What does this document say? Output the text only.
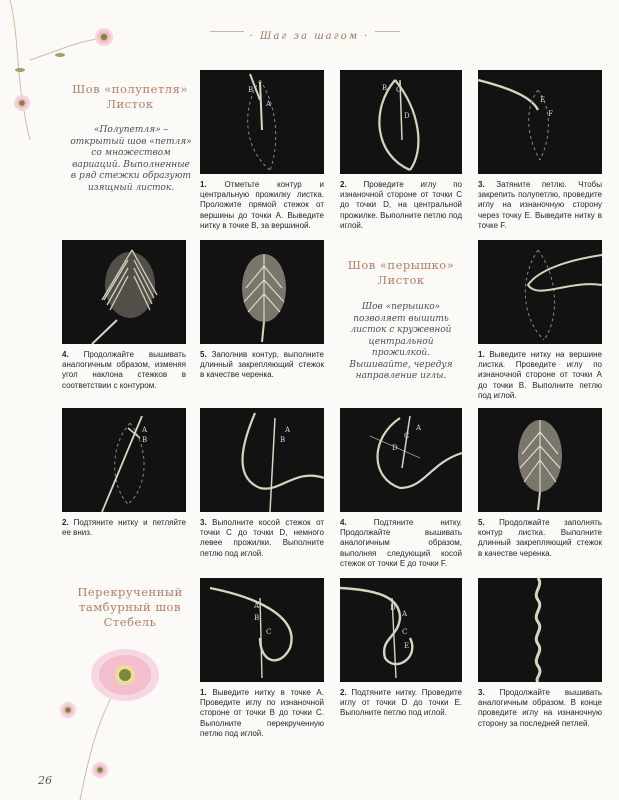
· Шаг за шагом ·
Шов «полупетля»
Листок
«Полупетля» – открытый шов «петля» со множеством вариаций. Выполненные в ряд стежки образуют изящный листок.
B
A
C
D
B
E
F
1. Отметьте контур и центральную прожилку листка. Проложите прямой стежок от вершины до точки A. Выведите нитку в точке B, за вершиной.
2. Проведите иглу по изнаночной стороне от точки C до точки D, на центральной прожилке. Выполните петлю под иглой.
3. Затяните петлю. Чтобы закрепить полупетлю, проведите иглу на изнаночную сторону через точку E. Выведите нитку в точке F.
Шов «перышко»
Листок
Шов «перышко» позволяет вышить листок с кружевной центральной прожилкой. Вышивайте, чередуя направление иглы.
4. Продолжайте вышивать аналогичным образом, изменяя угол наклона стежков в соответствии с контуром.
5. Заполнив контур, выполните длинный закрепляющий стежок в качестве черенка.
1. Выведите нитку на вершине листка. Проведите иглу по изнаночной стороне от точки A до точки B. Выполните петлю под иглой.
A
B
A
B
A
C
D
2. Подтяните нитку и петляйте ее вниз.
3. Выполните косой стежок от точки C до точки D, немного левее прожилки. Выполните петлю под иглой.
4.	Подтяните нитку. Продолжайте вышивать аналогичным образом, выполняя следующий косой стежок от точки E до точки F.
5. Продолжайте заполнять контур листка. Выполните длинный закрепляющий стежок в качестве черенка.
Перекрученный
тамбурный шов
Стебель
A
B
C
D
A
C
E
1. Выведите нитку в точке A. Проведите иглу по изнаночной стороне от точки B до точки C. Выполните перекрученную петлю под иглой.
2. Подтяните нитку. Проведите иглу от точки D до точки E. Выполните петлю под иглой.
3. Продолжайте вышивать аналогичным образом. В конце проведите иглу на изнаночную сторону за последней петлей.
26
